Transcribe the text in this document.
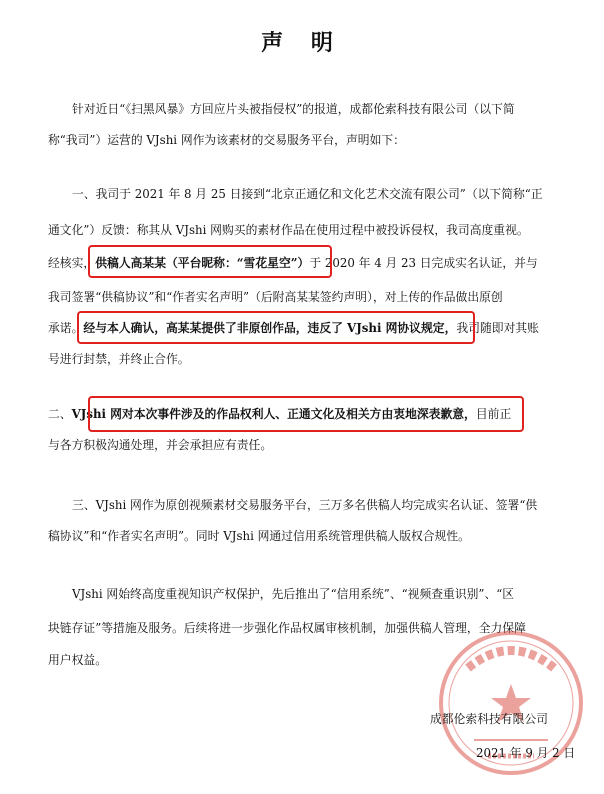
声 明
针对近日“《扫黑风暴》方回应片头被指侵权”的报道，成都伦索科技有限公司（以下简
称“我司”）运营的 VJshi 网作为该素材的交易服务平台，声明如下：
一、我司于 2021 年 8 月 25 日接到“北京正通亿和文化艺术交流有限公司”（以下简称“正
通文化”）反馈：称其从 VJshi 网购买的素材作品在使用过程中被投诉侵权，我司高度重视。
经核实，供稿人高某某（平台昵称：“雪花星空”）于 2020 年 4 月 23 日完成实名认证，并与
我司签署“供稿协议”和“作者实名声明”（后附高某某签约声明），对上传的作品做出原创
承诺。经与本人确认，高某某提供了非原创作品，违反了 VJshi 网协议规定，我司随即对其账
号进行封禁，并终止合作。
二、VJshi 网对本次事件涉及的作品权利人、正通文化及相关方由衷地深表歉意，目前正
与各方积极沟通处理，并会承担应有责任。
三、VJshi 网作为原创视频素材交易服务平台，三万多名供稿人均完成实名认证、签署“供
稿协议”和“作者实名声明”。同时 VJshi 网通过信用系统管理供稿人版权合规性。
VJshi 网始终高度重视知识产权保护，先后推出了“信用系统”、“视频查重识别”、“区
块链存证”等措施及服务。后续将进一步强化作品权属审核机制，加强供稿人管理，全力保障
用户权益。
成都伦索科技有限公司
2021 年 9 月 2 日
